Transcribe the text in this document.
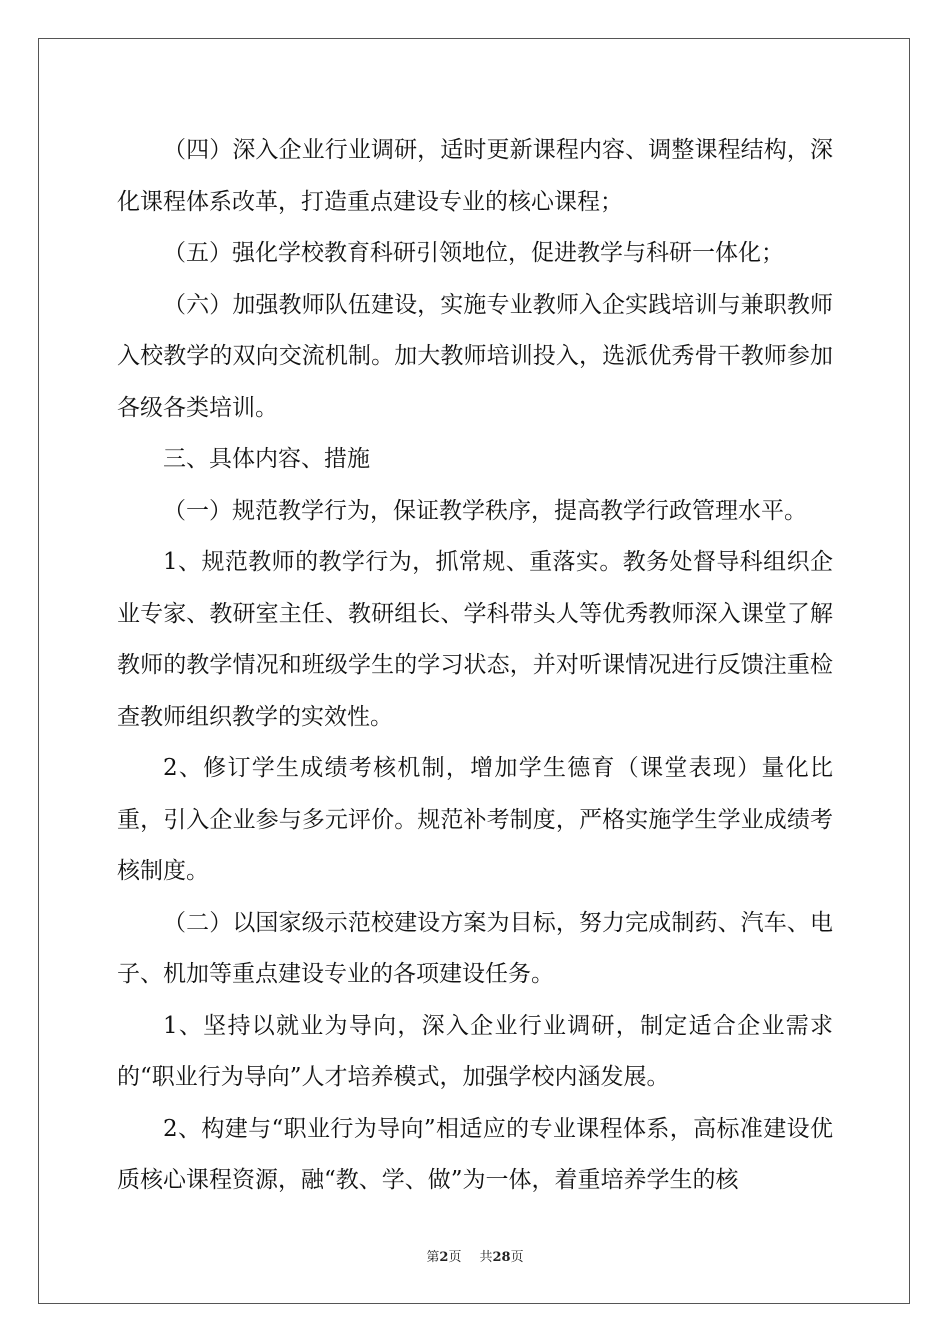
（四）深入企业行业调研，适时更新课程内容、调整课程结构，深化课程体系改革，打造重点建设专业的核心课程；

（五）强化学校教育科研引领地位，促进教学与科研一体化；

（六）加强教师队伍建设，实施专业教师入企实践培训与兼职教师入校教学的双向交流机制。加大教师培训投入，选派优秀骨干教师参加各级各类培训。

三、具体内容、措施

（一）规范教学行为，保证教学秩序，提高教学行政管理水平。

1、规范教师的教学行为，抓常规、重落实。教务处督导科组织企业专家、教研室主任、教研组长、学科带头人等优秀教师深入课堂了解教师的教学情况和班级学生的学习状态，并对听课情况进行反馈注重检查教师组织教学的实效性。

2、修订学生成绩考核机制，增加学生德育（课堂表现）量化比重，引入企业参与多元评价。规范补考制度，严格实施学生学业成绩考核制度。

（二）以国家级示范校建设方案为目标，努力完成制药、汽车、电子、机加等重点建设专业的各项建设任务。

1、坚持以就业为导向，深入企业行业调研，制定适合企业需求的“职业行为导向”人才培养模式，加强学校内涵发展。

2、构建与“职业行为导向”相适应的专业课程体系，高标准建设优质核心课程资源，融“教、学、做”为一体，着重培养学生的核

第2页 共28页
